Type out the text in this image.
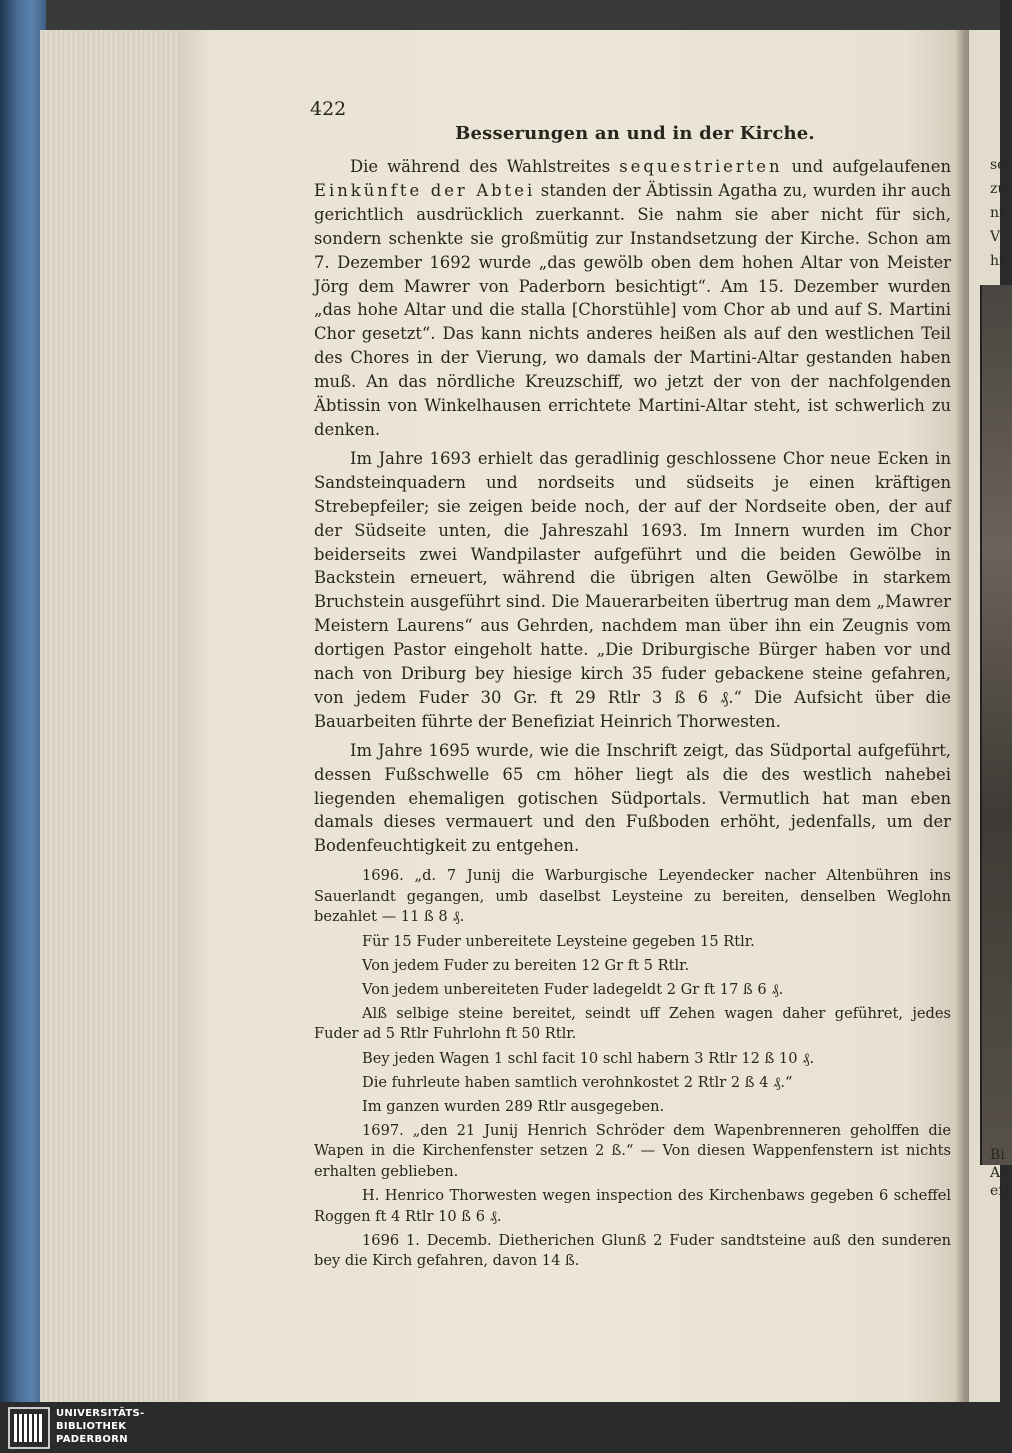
se
zu
ni
V
hi
Bi
Ar
erl
422
Besserungen an und in der Kirche.

Die während des Wahlstreites sequestrierten und aufgelaufenen Einkünfte der Abtei standen der Äbtissin Agatha zu, wurden ihr auch gerichtlich ausdrücklich zuerkannt. Sie nahm sie aber nicht für sich, sondern schenkte sie großmütig zur Instandsetzung der Kirche. Schon am 7. Dezember 1692 wurde „das gewölb oben dem hohen Altar von Meister Jörg dem Mawrer von Paderborn besichtigt“. Am 15. Dezember wurden „das hohe Altar und die stalla [Chorstühle] vom Chor ab und auf S. Martini Chor gesetzt“. Das kann nichts anderes heißen als auf den westlichen Teil des Chores in der Vierung, wo damals der Martini-Altar gestanden haben muß. An das nördliche Kreuzschiff, wo jetzt der von der nachfolgenden Äbtissin von Winkelhausen errichtete Martini-Altar steht, ist schwerlich zu denken.

Im Jahre 1693 erhielt das geradlinig geschlossene Chor neue Ecken in Sandsteinquadern und nordseits und südseits je einen kräftigen Strebepfeiler; sie zeigen beide noch, der auf der Nordseite oben, der auf der Südseite unten, die Jahreszahl 1693. Im Innern wurden im Chor beiderseits zwei Wandpilaster aufgeführt und die beiden Gewölbe in Backstein erneuert, während die übrigen alten Gewölbe in starkem Bruchstein ausgeführt sind. Die Mauerarbeiten übertrug man dem „Mawrer Meistern Laurens“ aus Gehrden, nachdem man über ihn ein Zeugnis vom dortigen Pastor eingeholt hatte. „Die Driburgische Bürger haben vor und nach von Driburg bey hiesige kirch 35 fuder gebackene steine gefahren, von jedem Fuder 30 Gr. ft 29 Rtlr 3 ß 6 ₰.“ Die Aufsicht über die Bauarbeiten führte der Benefiziat Heinrich Thorwesten.

Im Jahre 1695 wurde, wie die Inschrift zeigt, das Südportal aufgeführt, dessen Fußschwelle 65 cm höher liegt als die des westlich nahebei liegenden ehemaligen gotischen Südportals. Vermutlich hat man eben damals dieses vermauert und den Fußboden erhöht, jedenfalls, um der Bodenfeuchtigkeit zu entgehen.

1696. „d. 7 Junij die Warburgische Leyendecker nacher Altenbühren ins Sauerlandt gegangen, umb daselbst Leysteine zu bereiten, denselben Weglohn bezahlet — 11 ß 8 ₰.

Für 15 Fuder unbereitete Leysteine gegeben 15 Rtlr.

Von jedem Fuder zu bereiten 12 Gr ft 5 Rtlr.

Von jedem unbereiteten Fuder ladegeldt 2 Gr ft 17 ß 6 ₰.

Alß selbige steine bereitet, seindt uff Zehen wagen daher geführet, jedes Fuder ad 5 Rtlr Fuhrlohn ft 50 Rtlr.

Bey jeden Wagen 1 schl facit 10 schl habern 3 Rtlr 12 ß 10 ₰.

Die fuhrleute haben samtlich verohnkostet 2 Rtlr 2 ß 4 ₰.“

Im ganzen wurden 289 Rtlr ausgegeben.

1697. „den 21 Junij Henrich Schröder dem Wapenbrenneren geholffen die Wapen in die Kirchenfenster setzen 2 ß.“ — Von diesen Wappenfenstern ist nichts erhalten geblieben.

H. Henrico Thorwesten wegen inspection des Kirchenbaws gegeben 6 scheffel Roggen ft 4 Rtlr 10 ß 6 ₰.

1696 1. Decemb. Dietherichen Glunß 2 Fuder sandtsteine auß den sunderen bey die Kirch gefahren, davon 14 ß.

UNIVERSITÄTS-
BIBLIOTHEK
PADERBORN
